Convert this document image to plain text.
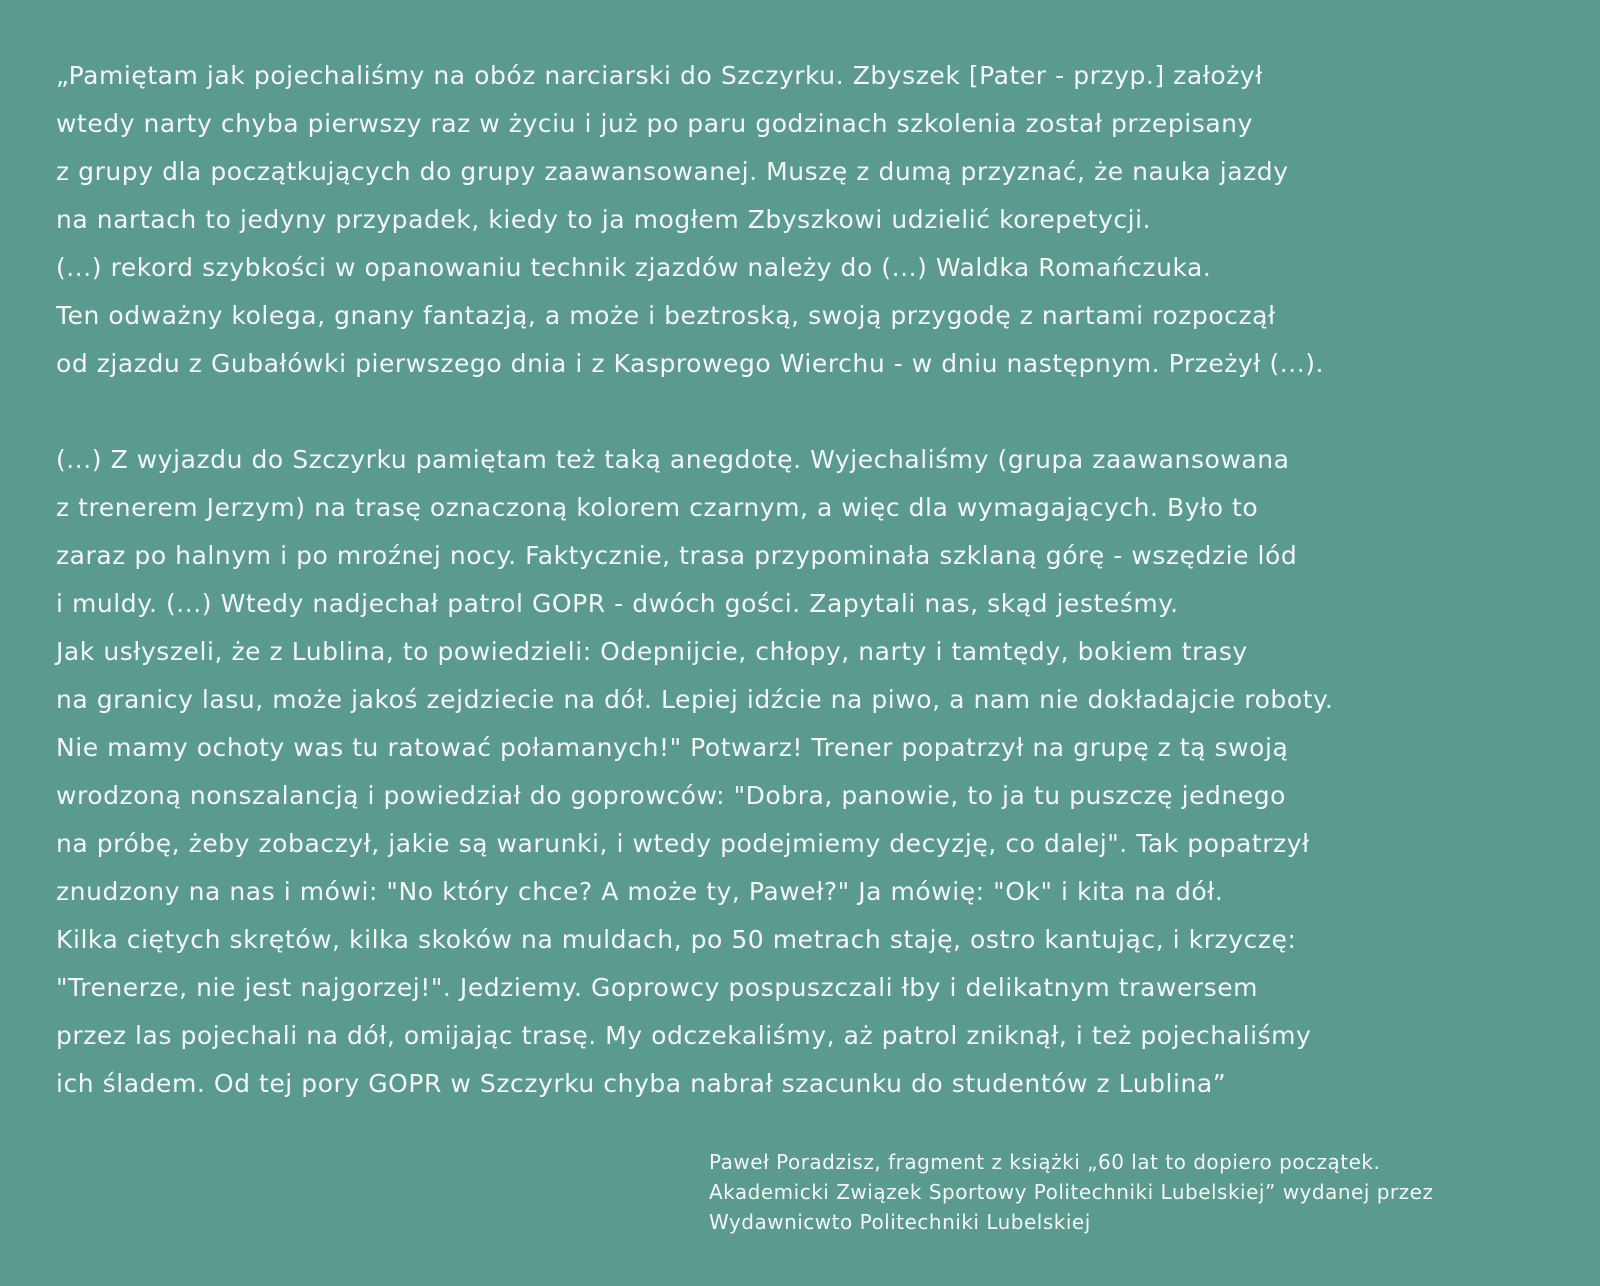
„Pamiętam jak pojechaliśmy na obóz narciarski do Szczyrku. Zbyszek [Pater - przyp.] założył
wtedy narty chyba pierwszy raz w życiu i już po paru godzinach szkolenia został przepisany
z grupy dla początkujących do grupy zaawansowanej. Muszę z dumą przyznać, że nauka jazdy
na nartach to jedyny przypadek, kiedy to ja mogłem Zbyszkowi udzielić korepetycji.
(...) rekord szybkości w opanowaniu technik zjazdów należy do (...) Waldka Romańczuka.
Ten odważny kolega, gnany fantazją, a może i beztroską, swoją przygodę z nartami rozpoczął
od zjazdu z Gubałówki pierwszego dnia i z Kasprowego Wierchu - w dniu następnym. Przeżył (...).
(...) Z wyjazdu do Szczyrku pamiętam też taką anegdotę. Wyjechaliśmy (grupa zaawansowana
z trenerem Jerzym) na trasę oznaczoną kolorem czarnym, a więc dla wymagających. Było to
zaraz po halnym i po mroźnej nocy. Faktycznie, trasa przypominała szklaną górę - wszędzie lód
i muldy. (...) Wtedy nadjechał patrol GOPR - dwóch gości. Zapytali nas, skąd jesteśmy.
Jak usłyszeli, że z Lublina, to powiedzieli: Odepnijcie, chłopy, narty i tamtędy, bokiem trasy
na granicy lasu, może jakoś zejdziecie na dół. Lepiej idźcie na piwo, a nam nie dokładajcie roboty.
Nie mamy ochoty was tu ratować połamanych!" Potwarz! Trener popatrzył na grupę z tą swoją
wrodzoną nonszalancją i powiedział do goprowców: "Dobra, panowie, to ja tu puszczę jednego
na próbę, żeby zobaczył, jakie są warunki, i wtedy podejmiemy decyzję, co dalej". Tak popatrzył
znudzony na nas i mówi: "No który chce? A może ty, Paweł?" Ja mówię: "Ok" i kita na dół.
Kilka ciętych skrętów, kilka skoków na muldach, po 50 metrach staję, ostro kantując, i krzyczę:
"Trenerze, nie jest najgorzej!". Jedziemy. Goprowcy pospuszczali łby i delikatnym trawersem
przez las pojechali na dół, omijając trasę. My odczekaliśmy, aż patrol zniknął, i też pojechaliśmy
ich śladem. Od tej pory GOPR w Szczyrku chyba nabrał szacunku do studentów z Lublina”
Paweł Poradzisz, fragment z książki „60 lat to dopiero początek.
Akademicki Związek Sportowy Politechniki Lubelskiej” wydanej przez
Wydawnicwto Politechniki Lubelskiej
